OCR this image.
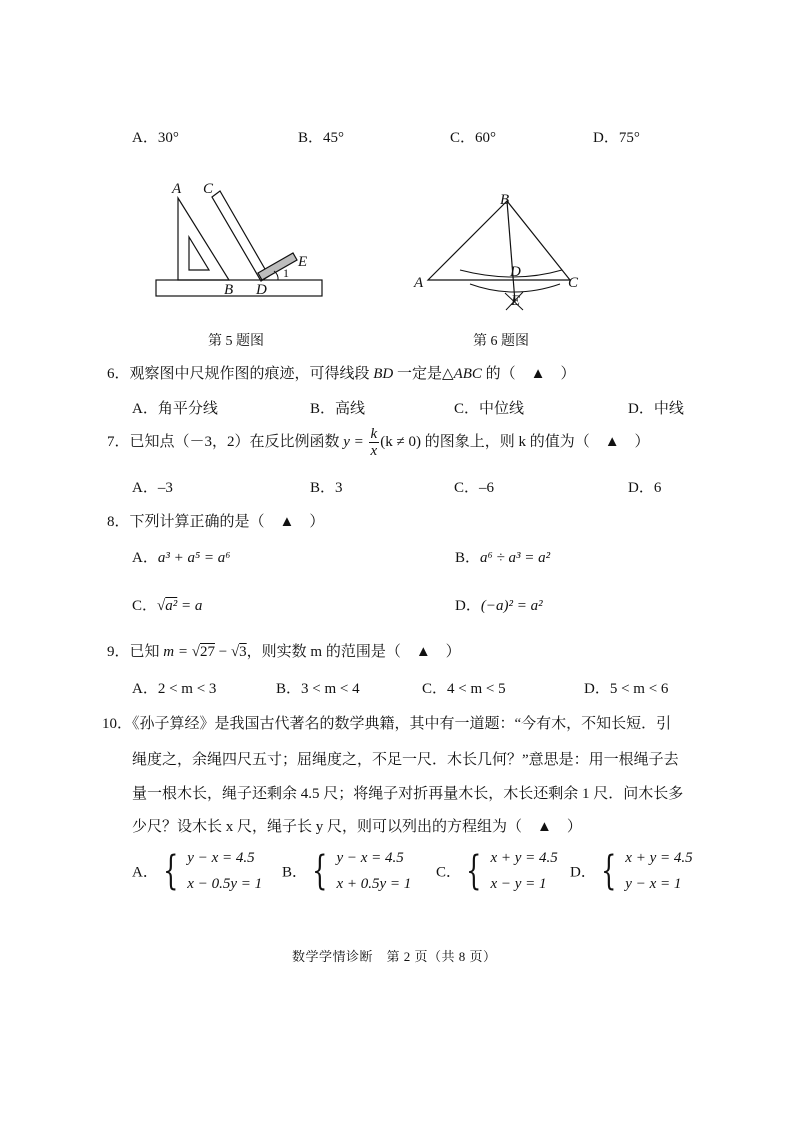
A．30°	B．45°	C．60°	D．75°
A C
E
1
B D
第 5 题图
B
A	C
D
E
第 6 题图
6．观察图中尺规作图的痕迹，可得线段 BD 一定是△ABC 的（　▲　）
A．角平分线	B．高线	C．中位线	D．中线
7．已知点（－3，2）在反比例函数 $y = \frac{k}{x} (k \ne 0)$ 的图象上，则 k 的值为（　▲　）
A．–3	B．3	C．–6	D．6
8．下列计算正确的是（　▲　）
A．a³ + a⁵ = a⁶	B．a⁶ ÷ a³ = a²
C．√a² = a	D．(−a)² = a²
9．已知 m = √27 − √3，则实数 m 的范围是（　▲　）
A．2 < m < 3	B．3 < m < 4	C．4 < m < 5	D．5 < m < 6
10．《孙子算经》是我国古代著名的数学典籍，其中有一道题：“今有木，不知长短．引
绳度之，余绳四尺五寸；屈绳度之，不足一尺．木长几何？”意思是：用一根绳子去
量一根木长，绳子还剩余 4.5 尺；将绳子对折再量木长，木长还剩余 1 尺．问木长多
少尺？设木长 x 尺，绳子长 y 尺，则可以列出的方程组为（　▲　）
A． { y − x = 4.5
x − 0.5y = 1
B． { y − x = 4.5
x + 0.5y = 1
C． { x + y = 4.5
x − y = 1
D． { x + y = 4.5
y − x = 1
数学学情诊断　第 2 页（共 8 页）
